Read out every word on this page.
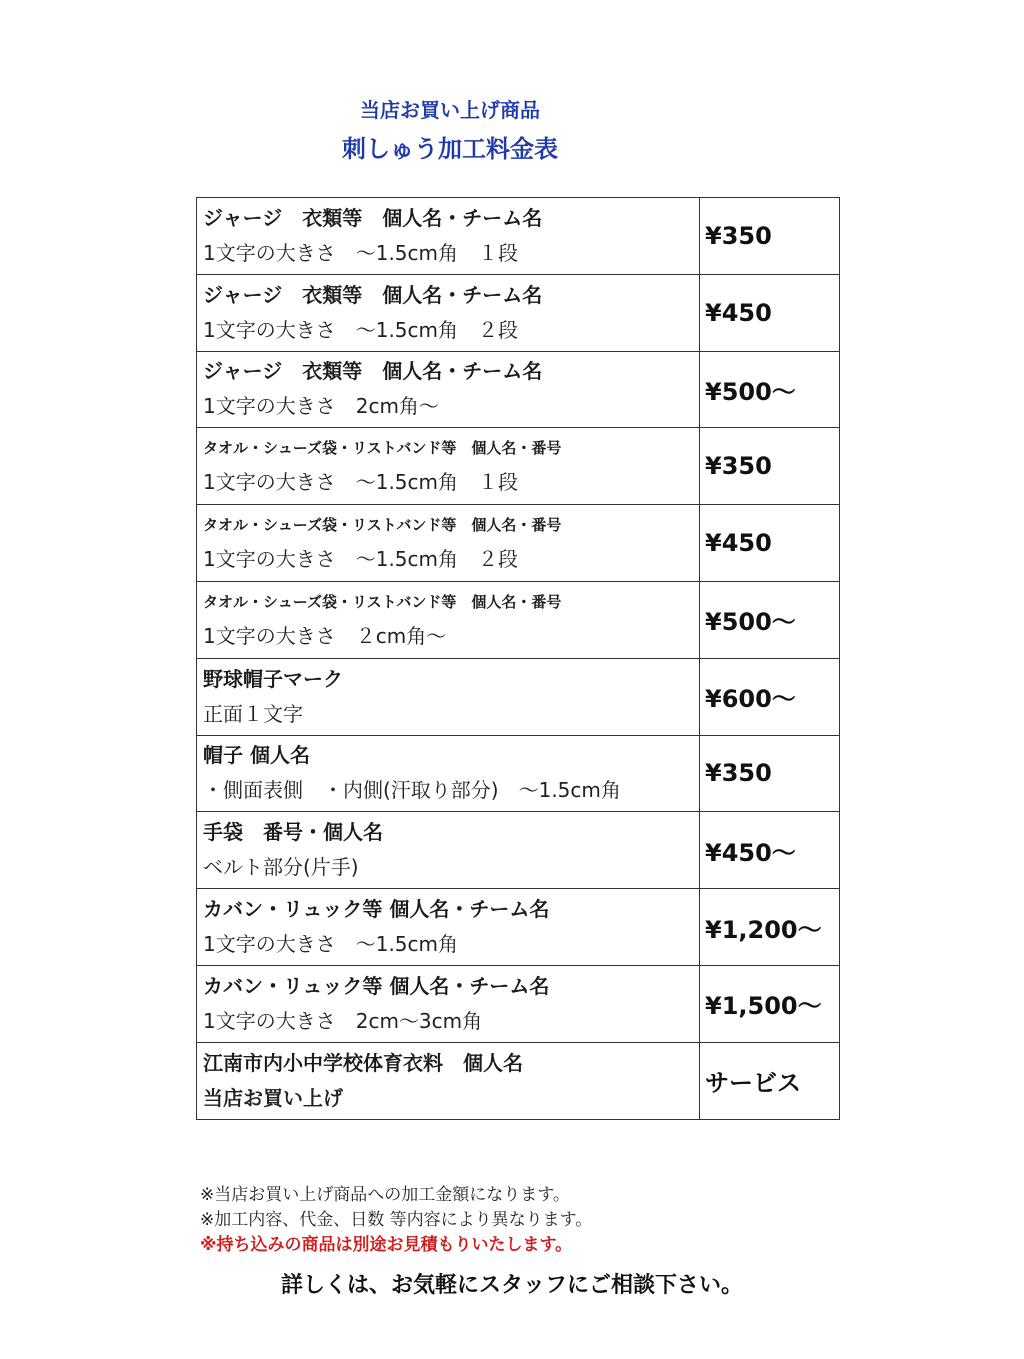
当店お買い上げ商品
刺しゅう加工料金表
ジャージ　衣類等　個人名・チーム名
1文字の大きさ　～1.5cm角　１段	¥350

ジャージ　衣類等　個人名・チーム名
1文字の大きさ　～1.5cm角　２段	¥450

ジャージ　衣類等　個人名・チーム名
1文字の大きさ　2cm角～	¥500～

タオル・シューズ袋・リストバンド等　個人名・番号
1文字の大きさ　～1.5cm角　１段	¥350

タオル・シューズ袋・リストバンド等　個人名・番号
1文字の大きさ　～1.5cm角　２段	¥450

タオル・シューズ袋・リストバンド等　個人名・番号
1文字の大きさ　２cm角～	¥500～

野球帽子マーク
正面１文字	¥600～

帽子 個人名
・側面表側　・内側(汗取り部分)　～1.5cm角	¥350

手袋　番号・個人名
ベルト部分(片手)	¥450～

カバン・リュック等 個人名・チーム名
1文字の大きさ　～1.5cm角	¥1,200～

カバン・リュック等 個人名・チーム名
1文字の大きさ　2cm～3cm角	¥1,500～

江南市内小中学校体育衣料　個人名
当店お買い上げ	サービス
※当店お買い上げ商品への加工金額になります。
※加工内容、代金、日数 等内容により異なります。
※持ち込みの商品は別途お見積もりいたします。
詳しくは、お気軽にスタッフにご相談下さい。
